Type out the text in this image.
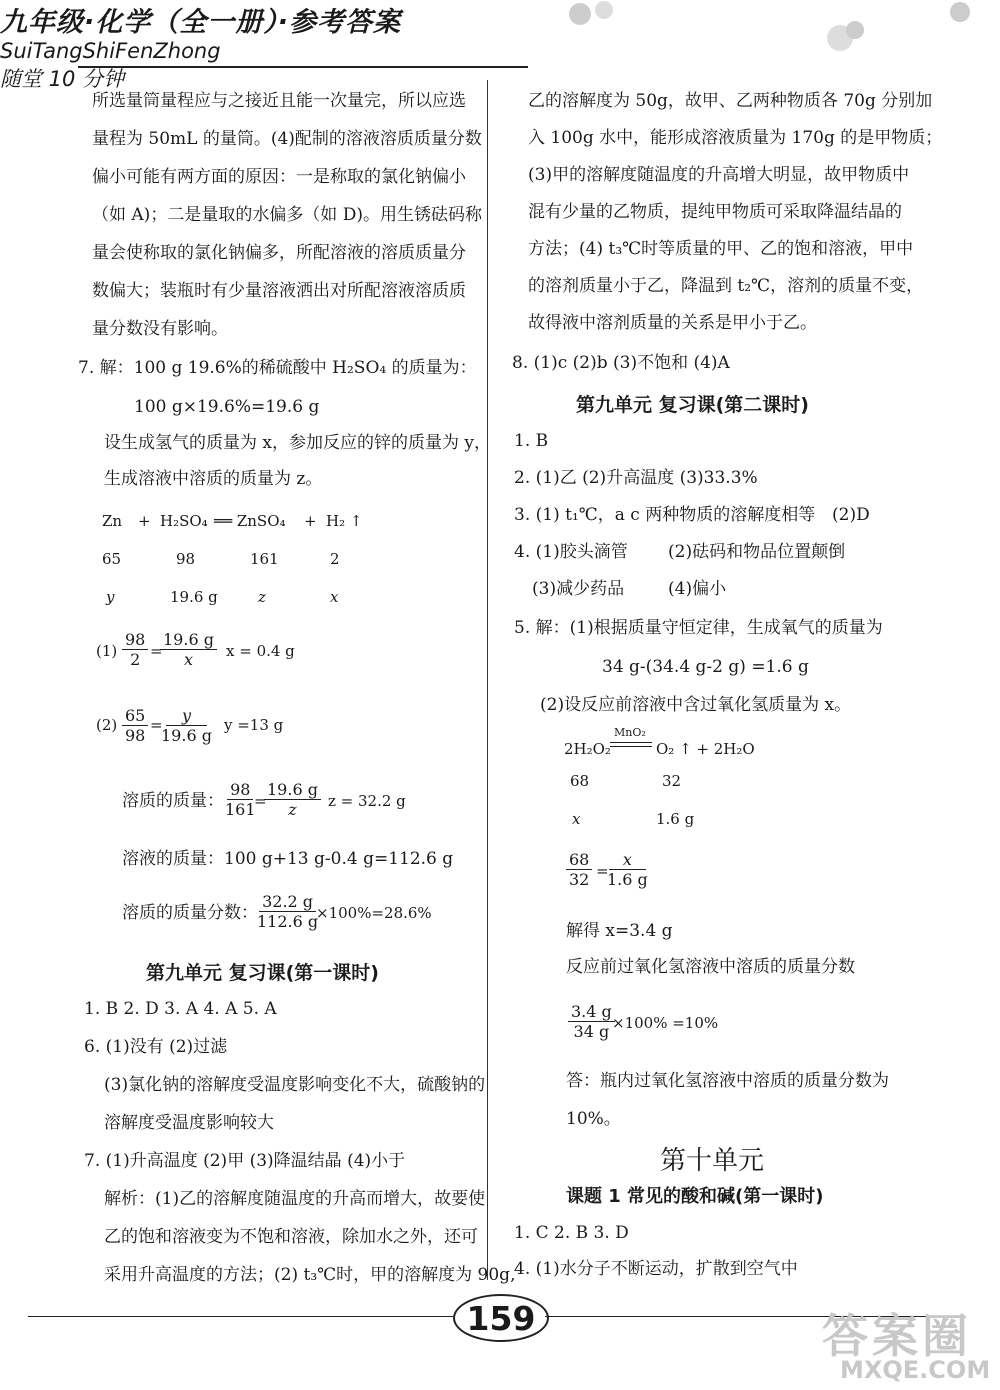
九年级·化学（全一册）·参考答案
SuiTangShiFenZhong
随堂 10 分钟
所选量筒量程应与之接近且能一次量完，所以应选
量程为 50mL 的量筒。(4)配制的溶液溶质质量分数
偏小可能有两方面的原因：一是称取的氯化钠偏小
（如 A)；二是量取的水偏多（如 D)。用生锈砝码称
量会使称取的氯化钠偏多，所配溶液的溶质质量分
数偏大；装瓶时有少量溶液洒出对所配溶液溶质质
量分数没有影响。
7. 解：100 g 19.6%的稀硫酸中 H₂SO₄ 的质量为：
100 g×19.6%=19.6 g
设生成氢气的质量为 x，参加反应的锌的质量为 y，
生成溶液中溶质的质量为 z。
Zn + H₂SO₄ ══ ZnSO₄ + H₂ ↑
65	98	161	2
y	19.6 g	z	x
$(1) \frac{98}{2}$ =
$\frac{19.6 g}{x}$ x = 0.4 g
$(2) \frac{65}{98}$ =
$\frac{y}{19.6 g}$ y =13 g
溶质的质量：
$\frac{98}{161}$
=
$\frac{19.6 g}{z}$ z = 32.2 g
溶液的质量：100 g+13 g-0.4 g=112.6 g
溶质的质量分数：
$\frac{32.2 g}{112.6 g}$
×100%=28.6%
第九单元 复习课(第一课时)
1. B 2. D 3. A 4. A 5. A
6. (1)没有 (2)过滤
(3)氯化钠的溶解度受温度影响变化不大，硫酸钠的
溶解度受温度影响较大
7. (1)升高温度 (2)甲 (3)降温结晶 (4)小于
解析：(1)乙的溶解度随温度的升高而增大，故要使
乙的饱和溶液变为不饱和溶液，除加水之外，还可
采用升高温度的方法；(2) t₃℃时，甲的溶解度为 90g,
乙的溶解度为 50g，故甲、乙两种物质各 70g 分别加
入 100g 水中，能形成溶液质量为 170g 的是甲物质；
(3)甲的溶解度随温度的升高增大明显，故甲物质中
混有少量的乙物质，提纯甲物质可采取降温结晶的
方法；(4) t₃℃时等质量的甲、乙的饱和溶液，甲中
的溶剂质量小于乙，降温到 t₂℃，溶剂的质量不变，
故得液中溶剂质量的关系是甲小于乙。
8. (1)c (2)b (3)不饱和 (4)A
第九单元 复习课(第二课时)
1. B
2. (1)乙 (2)升高温度 (3)33.3%
3. (1) t₁℃，a c 两种物质的溶解度相等 (2)D
4. (1)胶头滴管 (2)砝码和物品位置颠倒
(3)减少药品	(4)偏小
5. 解：(1)根据质量守恒定律，生成氧气的质量为
34 g-(34.4 g-2 g) =1.6 g
(2)设反应前溶液中含过氧化氢质量为 x。
2H₂O₂
MnO₂
O₂ ↑ + 2H₂O
68	32
x	1.6 g
$\frac{68}{32}$ =
$\frac{x}{1.6 g}$
解得 x=3.4 g
反应前过氧化氢溶液中溶质的质量分数
$\frac{3.4 g}{34 g}$
×100% =10%
答：瓶内过氧化氢溶液中溶质的质量分数为
10%。
第十单元
课题 1 常见的酸和碱(第一课时)
1. C 2. B 3. D
4. (1)水分子不断运动，扩散到空气中
159	答案圈
MXQE.COM
